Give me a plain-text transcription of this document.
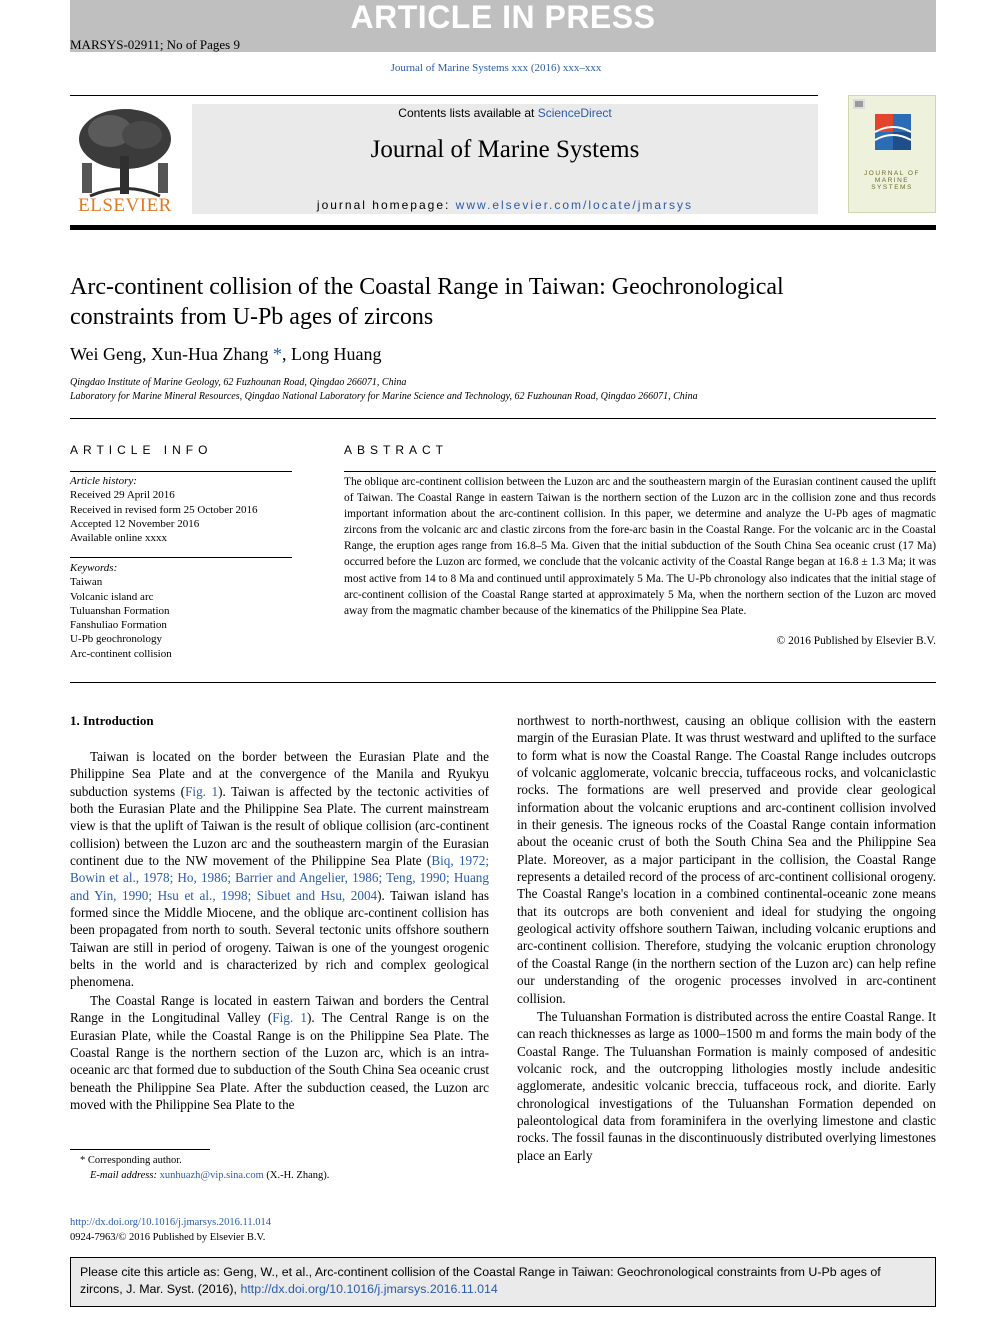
ARTICLE IN PRESS
MARSYS-02911; No of Pages 9
Journal of Marine Systems xxx (2016) xxx–xxx
ELSEVIER
Contents lists available at ScienceDirect
Journal of Marine Systems
journal homepage: www.elsevier.com/locate/jmarsys
JOURNAL OF
MARINE
SYSTEMS
Arc-continent collision of the Coastal Range in Taiwan: Geochronological constraints from U-Pb ages of zircons
Wei Geng, Xun-Hua Zhang *, Long Huang
Qingdao Institute of Marine Geology, 62 Fuzhounan Road, Qingdao 266071, China
Laboratory for Marine Mineral Resources, Qingdao National Laboratory for Marine Science and Technology, 62 Fuzhounan Road, Qingdao 266071, China
ARTICLE INFO
Article history:
Received 29 April 2016
Received in revised form 25 October 2016
Accepted 12 November 2016
Available online xxxx
Keywords:
Taiwan
Volcanic island arc
Tuluanshan Formation
Fanshuliao Formation
U-Pb geochronology
Arc-continent collision
ABSTRACT
The oblique arc-continent collision between the Luzon arc and the southeastern margin of the Eurasian continent caused the uplift of Taiwan. The Coastal Range in eastern Taiwan is the northern section of the Luzon arc in the collision zone and thus records important information about the arc-continent collision. In this paper, we determine and analyze the U-Pb ages of magmatic zircons from the volcanic arc and clastic zircons from the fore-arc basin in the Coastal Range. For the volcanic arc in the Coastal Range, the eruption ages range from 16.8–5 Ma. Given that the initial subduction of the South China Sea oceanic crust (17 Ma) occurred before the Luzon arc formed, we conclude that the volcanic activity of the Coastal Range began at 16.8 ± 1.3 Ma; it was most active from 14 to 8 Ma and continued until approximately 5 Ma. The U-Pb chronology also indicates that the initial stage of arc-continent collision of the Coastal Range started at approximately 5 Ma, when the northern section of the Luzon arc moved away from the magmatic chamber because of the kinematics of the Philippine Sea Plate.
© 2016 Published by Elsevier B.V.
1. Introduction

Taiwan is located on the border between the Eurasian Plate and the Philippine Sea Plate and at the convergence of the Manila and Ryukyu subduction systems (Fig. 1). Taiwan is affected by the tectonic activities of both the Eurasian Plate and the Philippine Sea Plate. The current mainstream view is that the uplift of Taiwan is the result of oblique collision (arc-continent collision) between the Luzon arc and the southeastern margin of the Eurasian continent due to the NW movement of the Philippine Sea Plate (Biq, 1972; Bowin et al., 1978; Ho, 1986; Barrier and Angelier, 1986; Teng, 1990; Huang and Yin, 1990; Hsu et al., 1998; Sibuet and Hsu, 2004). Taiwan island has formed since the Middle Miocene, and the oblique arc-continent collision has been propagated from north to south. Several tectonic units offshore southern Taiwan are still in period of orogeny. Taiwan is one of the youngest orogenic belts in the world and is characterized by rich and complex geological phenomena.

The Coastal Range is located in eastern Taiwan and borders the Central Range in the Longitudinal Valley (Fig. 1). The Central Range is on the Eurasian Plate, while the Coastal Range is on the Philippine Sea Plate. The Coastal Range is the northern section of the Luzon arc, which is an intra-oceanic arc that formed due to subduction of the South China Sea oceanic crust beneath the Philippine Sea Plate. After the subduction ceased, the Luzon arc moved with the Philippine Sea Plate to the

northwest to north-northwest, causing an oblique collision with the eastern margin of the Eurasian Plate. It was thrust westward and uplifted to the surface to form what is now the Coastal Range. The Coastal Range includes outcrops of volcanic agglomerate, volcanic breccia, tuffaceous rocks, and volcaniclastic rocks. The formations are well preserved and provide clear geological information about the volcanic eruptions and arc-continent collision involved in their genesis. The igneous rocks of the Coastal Range contain information about the oceanic crust of both the South China Sea and the Philippine Sea Plate. Moreover, as a major participant in the collision, the Coastal Range represents a detailed record of the process of arc-continent collisional orogeny. The Coastal Range's location in a combined continental-oceanic zone means that its outcrops are both convenient and ideal for studying the ongoing geological activity offshore southern Taiwan, including volcanic eruptions and arc-continent collision. Therefore, studying the volcanic eruption chronology of the Coastal Range (in the northern section of the Luzon arc) can help refine our understanding of the orogenic processes involved in arc-continent collision.

The Tuluanshan Formation is distributed across the entire Coastal Range. It can reach thicknesses as large as 1000–1500 m and forms the main body of the Coastal Range. The Tuluanshan Formation is mainly composed of andesitic volcanic rock, and the outcropping lithologies mostly include andesitic agglomerate, andesitic volcanic breccia, tuffaceous rock, and diorite. Early chronological investigations of the Tuluanshan Formation depended on paleontological data from foraminifera in the overlying limestone and clastic rocks. The fossil faunas in the discontinuously distributed overlying limestones place an Early

* Corresponding author.
E-mail address: xunhuazh@vip.sina.com (X.-H. Zhang).
http://dx.doi.org/10.1016/j.jmarsys.2016.11.014
0924-7963/© 2016 Published by Elsevier B.V.
Please cite this article as: Geng, W., et al., Arc-continent collision of the Coastal Range in Taiwan: Geochronological constraints from U-Pb ages of zircons, J. Mar. Syst. (2016), http://dx.doi.org/10.1016/j.jmarsys.2016.11.014
